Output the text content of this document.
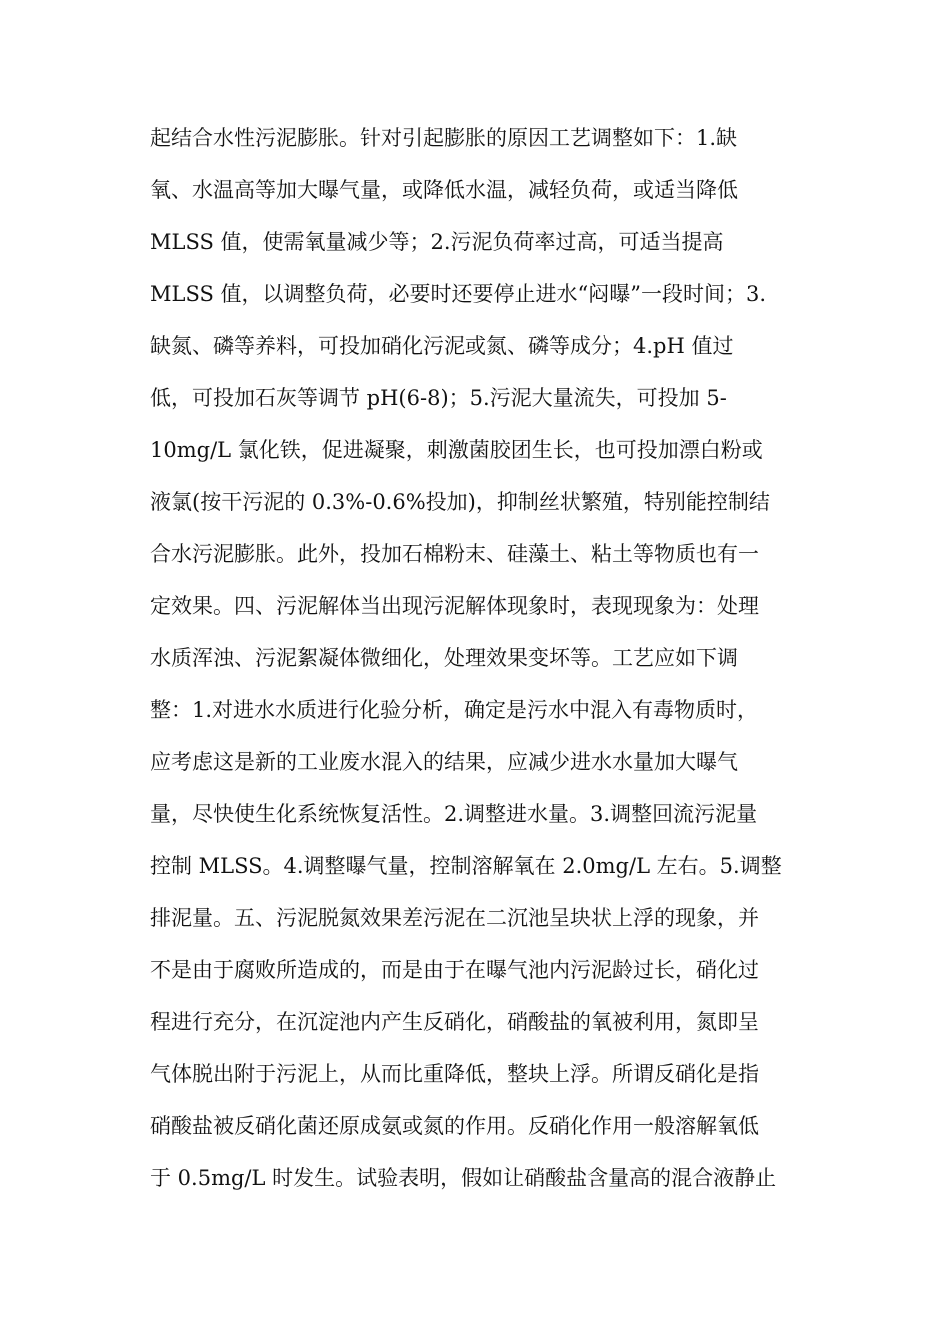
起结合水性污泥膨胀。针对引起膨胀的原因工艺调整如下：1.缺
氧、水温高等加大曝气量，或降低水温，减轻负荷，或适当降低
MLSS 值，使需氧量减少等；2.污泥负荷率过高，可适当提高
MLSS 值，以调整负荷，必要时还要停止进水“闷曝”一段时间；3.
缺氮、磷等养料，可投加硝化污泥或氮、磷等成分；4.pH 值过
低，可投加石灰等调节 pH(6-8)；5.污泥大量流失，可投加 5-
10mg/L 氯化铁，促进凝聚，刺激菌胶团生长，也可投加漂白粉或
液氯(按干污泥的 0.3%-0.6%投加)，抑制丝状繁殖，特别能控制结
合水污泥膨胀。此外，投加石棉粉末、硅藻土、粘土等物质也有一
定效果。四、污泥解体当出现污泥解体现象时，表现现象为：处理
水质浑浊、污泥絮凝体微细化，处理效果变坏等。工艺应如下调
整：1.对进水水质进行化验分析，确定是污水中混入有毒物质时，
应考虑这是新的工业废水混入的结果，应减少进水水量加大曝气
量，尽快使生化系统恢复活性。2.调整进水量。3.调整回流污泥量
控制 MLSS。4.调整曝气量，控制溶解氧在 2.0mg/L 左右。5.调整
排泥量。五、污泥脱氮效果差污泥在二沉池呈块状上浮的现象，并
不是由于腐败所造成的，而是由于在曝气池内污泥龄过长，硝化过
程进行充分，在沉淀池内产生反硝化，硝酸盐的氧被利用，氮即呈
气体脱出附于污泥上，从而比重降低，整块上浮。所谓反硝化是指
硝酸盐被反硝化菌还原成氨或氮的作用。反硝化作用一般溶解氧低
于 0.5mg/L 时发生。试验表明，假如让硝酸盐含量高的混合液静止
